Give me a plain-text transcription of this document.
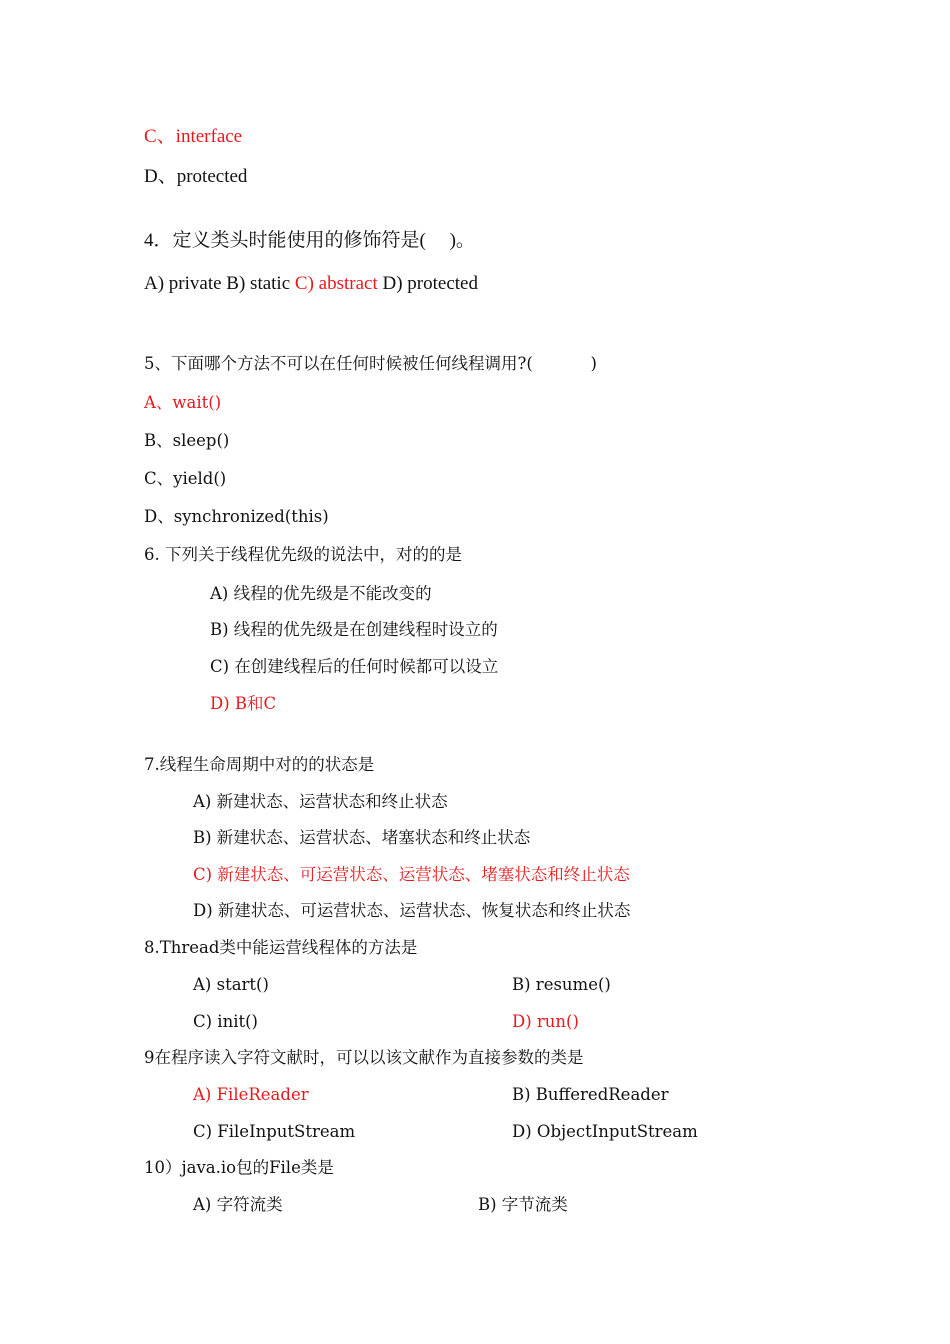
C、interface
D、protected
4．定义类头时能使用的修饰符是(     )。
A) private B) static C) abstract D) protected
5、下面哪个方法不可以在任何时候被任何线程调用?(           )
A、wait()
B、sleep()
C、yield()
D、synchronized(this)
6. 下列关于线程优先级的说法中，对的的是
A) 线程的优先级是不能改变的
B) 线程的优先级是在创建线程时设立的
C) 在创建线程后的任何时候都可以设立
D) B和C
7.线程生命周期中对的的状态是
A) 新建状态、运营状态和终止状态
B) 新建状态、运营状态、堵塞状态和终止状态
C) 新建状态、可运营状态、运营状态、堵塞状态和终止状态
D) 新建状态、可运营状态、运营状态、恢复状态和终止状态
8.Thread类中能运营线程体的方法是
A) start()	B) resume()
C) init()	D) run()
9在程序读入字符文献时，可以以该文献作为直接参数的类是
A) FileReader	B) BufferedReader
C) FileInputStream	D) ObjectInputStream
10）java.io包的File类是
A) 字符流类	B) 字节流类
